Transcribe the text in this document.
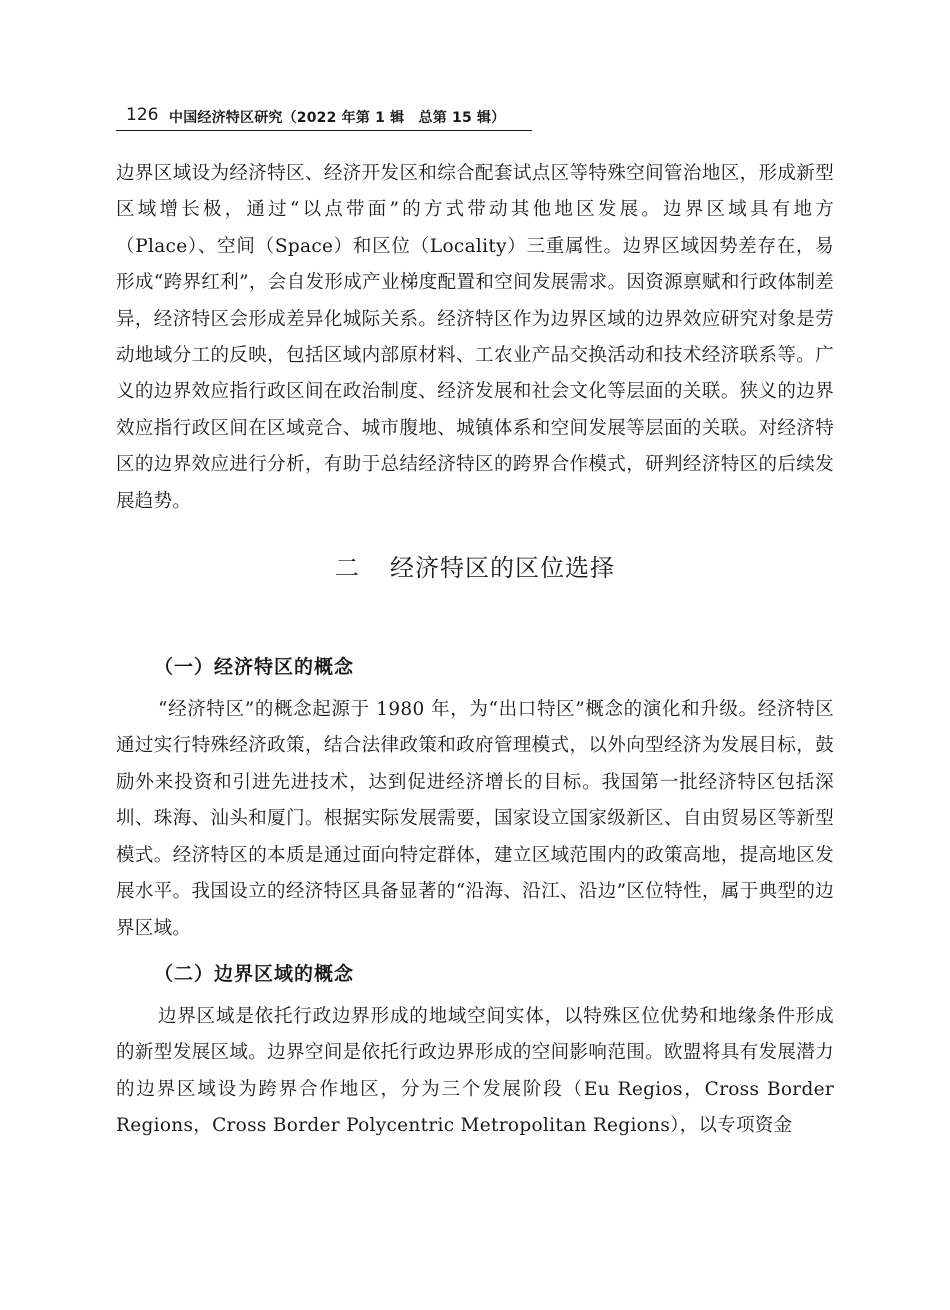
126 中国经济特区研究（2022 年第 1 辑　总第 15 辑）

边界区域设为经济特区、经济开发区和综合配套试点区等特殊空间管治地区，形成新型区域增长极，通过“以点带面”的方式带动其他地区发展。边界区域具有地方（Place）、空间（Space）和区位（Locality）三重属性。边界区域因势差存在，易形成“跨界红利”，会自发形成产业梯度配置和空间发展需求。因资源禀赋和行政体制差异，经济特区会形成差异化城际关系。经济特区作为边界区域的边界效应研究对象是劳动地域分工的反映，包括区域内部原材料、工农业产品交换活动和技术经济联系等。广义的边界效应指行政区间在政治制度、经济发展和社会文化等层面的关联。狭义的边界效应指行政区间在区域竞合、城市腹地、城镇体系和空间发展等层面的关联。对经济特区的边界效应进行分析，有助于总结经济特区的跨界合作模式，研判经济特区的后续发展趋势。

二 经济特区的区位选择
（一）经济特区的概念

“经济特区”的概念起源于 1980 年，为“出口特区”概念的演化和升级。经济特区通过实行特殊经济政策，结合法律政策和政府管理模式，以外向型经济为发展目标，鼓励外来投资和引进先进技术，达到促进经济增长的目标。我国第一批经济特区包括深圳、珠海、汕头和厦门。根据实际发展需要，国家设立国家级新区、自由贸易区等新型模式。经济特区的本质是通过面向特定群体，建立区域范围内的政策高地，提高地区发展水平。我国设立的经济特区具备显著的“沿海、沿江、沿边”区位特性，属于典型的边界区域。

（二）边界区域的概念

边界区域是依托行政边界形成的地域空间实体，以特殊区位优势和地缘条件形成的新型发展区域。边界空间是依托行政边界形成的空间影响范围。欧盟将具有发展潜力的边界区域设为跨界合作地区，分为三个发展阶段（Eu Regios，Cross Border Regions，Cross Border Polycentric Metropolitan Regions），以专项资金
